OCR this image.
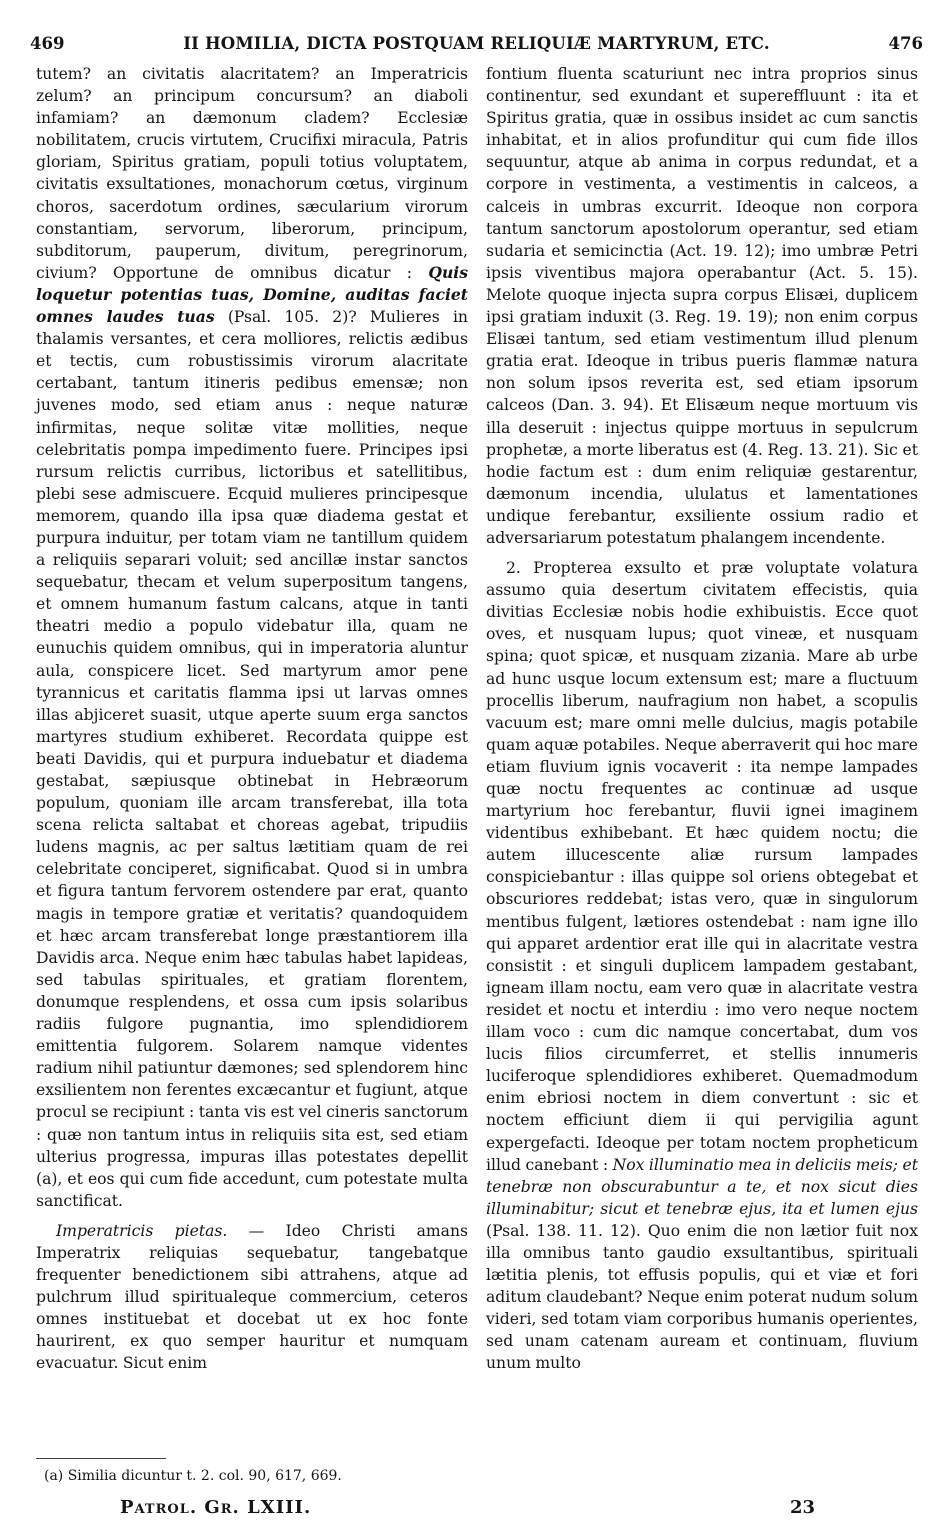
469	II HOMILIA, DICTA POSTQUAM RELIQUIÆ MARTYRUM, ETC.	476

tutem? an civitatis alacritatem? an Imperatricis zelum? an principum concursum? an diaboli infamiam? an dæmonum cladem? Ecclesiæ nobilitatem, crucis virtutem, Crucifixi miracula, Patris gloriam, Spiritus gratiam, populi totius voluptatem, civitatis exsultationes, monachorum cœtus, virginum choros, sacerdotum ordines, sæcularium virorum constantiam, servorum, liberorum, principum, subditorum, pauperum, divitum, peregrinorum, civium? Opportune de omnibus dicatur : Quis loquetur potentias tuas, Domine, auditas faciet omnes laudes tuas (Psal. 105. 2)? Mulieres in thalamis versantes, et cera molliores, relictis ædibus et tectis, cum robustissimis virorum alacritate certabant, tantum itineris pedibus emensæ; non juvenes modo, sed etiam anus : neque naturæ infirmitas, neque solitæ vitæ mollities, neque celebritatis pompa impedimento fuere. Principes ipsi rursum relictis curribus, lictoribus et satellitibus, plebi sese admiscuere. Ecquid mulieres principesque memorem, quando illa ipsa quæ diadema gestat et purpura induitur, per totam viam ne tantillum quidem a reliquiis separari voluit; sed ancillæ instar sanctos sequebatur, thecam et velum superpositum tangens, et omnem humanum fastum calcans, atque in tanti theatri medio a populo videbatur illa, quam ne eunuchis quidem omnibus, qui in imperatoria aluntur aula, conspicere licet. Sed martyrum amor pene tyrannicus et caritatis flamma ipsi ut larvas omnes illas abjiceret suasit, utque aperte suum erga sanctos martyres studium exhiberet. Recordata quippe est beati Davidis, qui et purpura induebatur et diadema gestabat, sæpiusque obtinebat in Hebræorum populum, quoniam ille arcam transferebat, illa tota scena relicta saltabat et choreas agebat, tripudiis ludens magnis, ac per saltus lætitiam quam de rei celebritate conciperet, significabat. Quod si in umbra et figura tantum fervorem ostendere par erat, quanto magis in tempore gratiæ et veritatis? quandoquidem et hæc arcam transferebat longe præstantiorem illa Davidis arca. Neque enim hæc tabulas habet lapideas, sed tabulas spirituales, et gratiam florentem, donumque resplendens, et ossa cum ipsis solaribus radiis fulgore pugnantia, imo splendidiorem emittentia fulgorem. Solarem namque videntes radium nihil patiuntur dæmones; sed splendorem hinc exsilientem non ferentes excæcantur et fugiunt, atque procul se recipiunt : tanta vis est vel cineris sanctorum : quæ non tantum intus in reliquiis sita est, sed etiam ulterius progressa, impuras illas potestates depellit (a), et eos qui cum fide accedunt, cum potestate multa sanctificat.

Imperatricis pietas. — Ideo Christi amans Imperatrix reliquias sequebatur, tangebatque frequenter benedictionem sibi attrahens, atque ad pulchrum illud spiritualeque commercium, ceteros omnes instituebat et docebat ut ex hoc fonte haurirent, ex quo semper hauritur et numquam evacuatur. Sicut enim

fontium fluenta scaturiunt nec intra proprios sinus continentur, sed exundant et supereffluunt : ita et Spiritus gratia, quæ in ossibus insidet ac cum sanctis inhabitat, et in alios profunditur qui cum fide illos sequuntur, atque ab anima in corpus redundat, et a corpore in vestimenta, a vestimentis in calceos, a calceis in umbras excurrit. Ideoque non corpora tantum sanctorum apostolorum operantur, sed etiam sudaria et semicinctia (Act. 19. 12); imo umbræ Petri ipsis viventibus majora operabantur (Act. 5. 15). Melote quoque injecta supra corpus Elisæi, duplicem ipsi gratiam induxit (3. Reg. 19. 19); non enim corpus Elisæi tantum, sed etiam vestimentum illud plenum gratia erat. Ideoque in tribus pueris flammæ natura non solum ipsos reverita est, sed etiam ipsorum calceos (Dan. 3. 94). Et Elisæum neque mortuum vis illa deseruit : injectus quippe mortuus in sepulcrum prophetæ, a morte liberatus est (4. Reg. 13. 21). Sic et hodie factum est : dum enim reliquiæ gestarentur, dæmonum incendia, ululatus et lamentationes undique ferebantur, exsiliente ossium radio et adversariarum potestatum phalangem incendente.

2. Propterea exsulto et præ voluptate volatura assumo quia desertum civitatem effecistis, quia divitias Ecclesiæ nobis hodie exhibuistis. Ecce quot oves, et nusquam lupus; quot vineæ, et nusquam spina; quot spicæ, et nusquam zizania. Mare ab urbe ad hunc usque locum extensum est; mare a fluctuum procellis liberum, naufragium non habet, a scopulis vacuum est; mare omni melle dulcius, magis potabile quam aquæ potabiles. Neque aberraverit qui hoc mare etiam fluvium ignis vocaverit : ita nempe lampades quæ noctu frequentes ac continuæ ad usque martyrium hoc ferebantur, fluvii ignei imaginem videntibus exhibebant. Et hæc quidem noctu; die autem illucescente aliæ rursum lampades conspiciebantur : illas quippe sol oriens obtegebat et obscuriores reddebat; istas vero, quæ in singulorum mentibus fulgent, lætiores ostendebat : nam igne illo qui apparet ardentior erat ille qui in alacritate vestra consistit : et singuli duplicem lampadem gestabant, igneam illam noctu, eam vero quæ in alacritate vestra residet et noctu et interdiu : imo vero neque noctem illam voco : cum dic namque concertabat, dum vos lucis filios circumferret, et stellis innumeris luciferoque splendidiores exhiberet. Quemadmodum enim ebriosi noctem in diem convertunt : sic et noctem efficiunt diem ii qui pervigilia agunt expergefacti. Ideoque per totam noctem propheticum illud canebant : Nox illuminatio mea in deliciis meis; et tenebræ non obscurabuntur a te, et nox sicut dies illuminabitur; sicut et tenebræ ejus, ita et lumen ejus (Psal. 138. 11. 12). Quo enim die non lætior fuit nox illa omnibus tanto gaudio exsultantibus, spirituali lætitia plenis, tot effusis populis, qui et viæ et fori aditum claudebant? Neque enim poterat nudum solum videri, sed totam viam corporibus humanis operientes, sed unam catenam auream et continuam, fluvium unum multo

(a) Similia dicuntur t. 2. col. 90, 617, 669.
Patrol. Gr. LXIII.	23
